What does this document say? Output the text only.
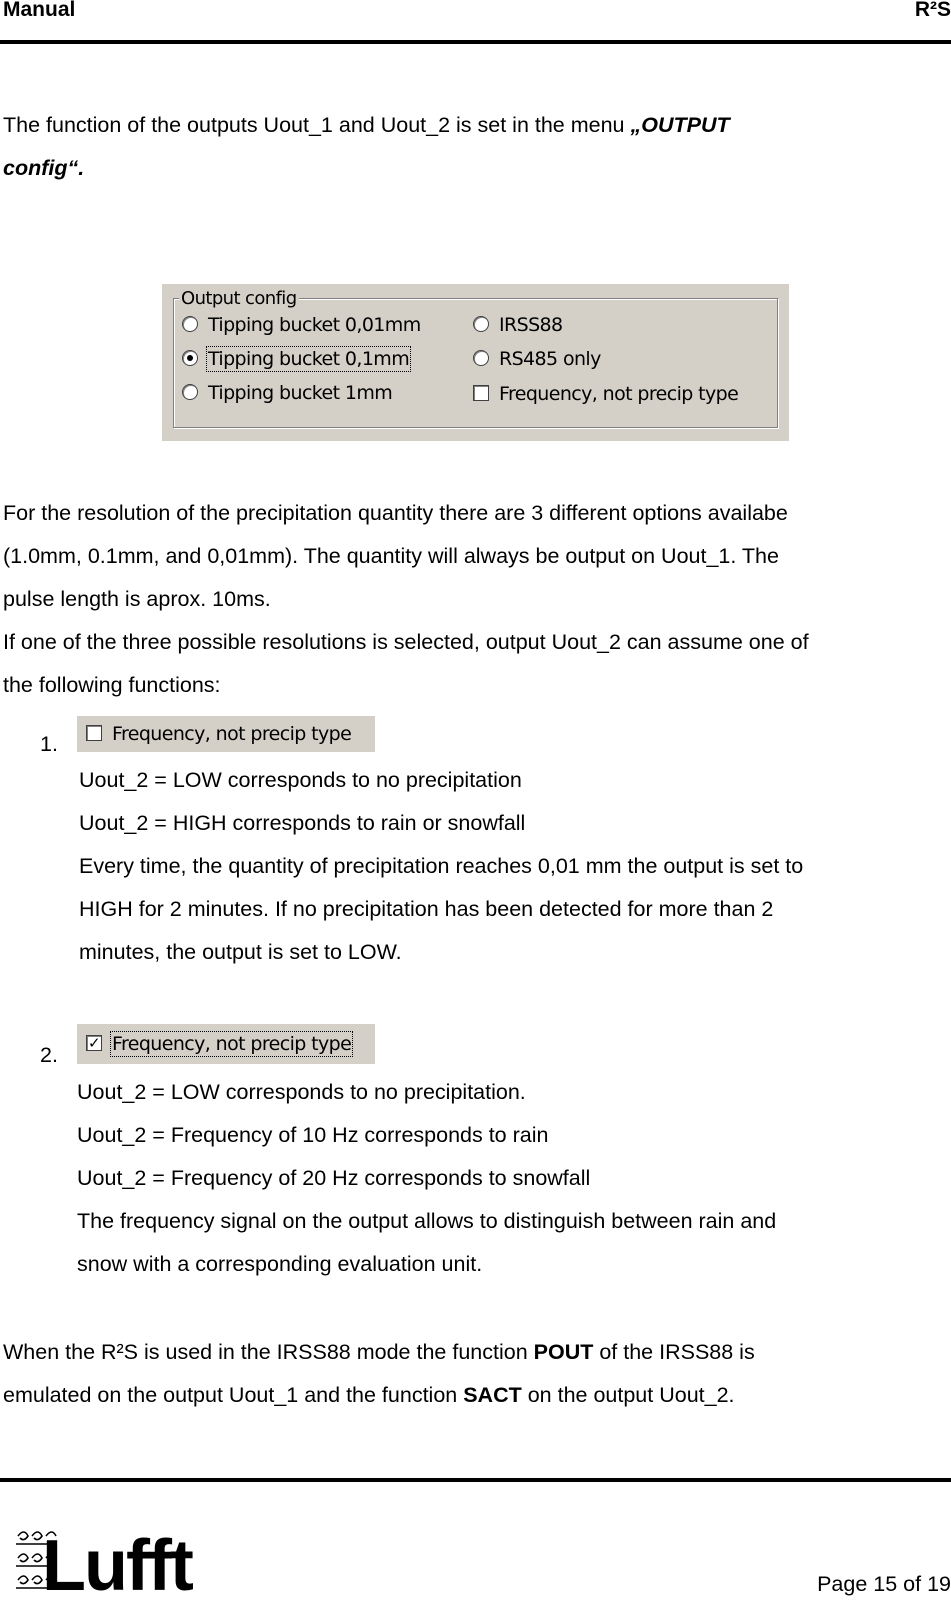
Manual	R²S
The function of the outputs Uout_1 and Uout_2 is set in the menu „OUTPUT
config“.
Output config
Tipping bucket 0,01mm
Tipping bucket 0,1mm
Tipping bucket 1mm
IRSS88
RS485 only
Frequency, not precip type
For the resolution of the precipitation quantity there are 3 different options availabe
(1.0mm, 0.1mm, and 0,01mm). The quantity will always be output on Uout_1. The
pulse length is aprox. 10ms.
If one of the three possible resolutions is selected, output Uout_2 can assume one of
the following functions:
1.	Frequency, not precip type
Uout_2 = LOW corresponds to no precipitation
Uout_2 = HIGH corresponds to rain or snowfall
Every time, the quantity of precipitation reaches 0,01 mm the output is set to
HIGH for 2 minutes. If no precipitation has been detected for more than 2
minutes, the output is set to LOW.
2.
✓ Frequency, not precip type
Uout_2 = LOW corresponds to no precipitation.
Uout_2 = Frequency of 10 Hz corresponds to rain
Uout_2 = Frequency of 20 Hz corresponds to snowfall
The frequency signal on the output allows to distinguish between rain and
snow with a corresponding evaluation unit.
When the R²S is used in the IRSS88 mode the function POUT of the IRSS88 is
emulated on the output Uout_1 and the function SACT on the output Uout_2.
Lufft	Page 15 of 19
